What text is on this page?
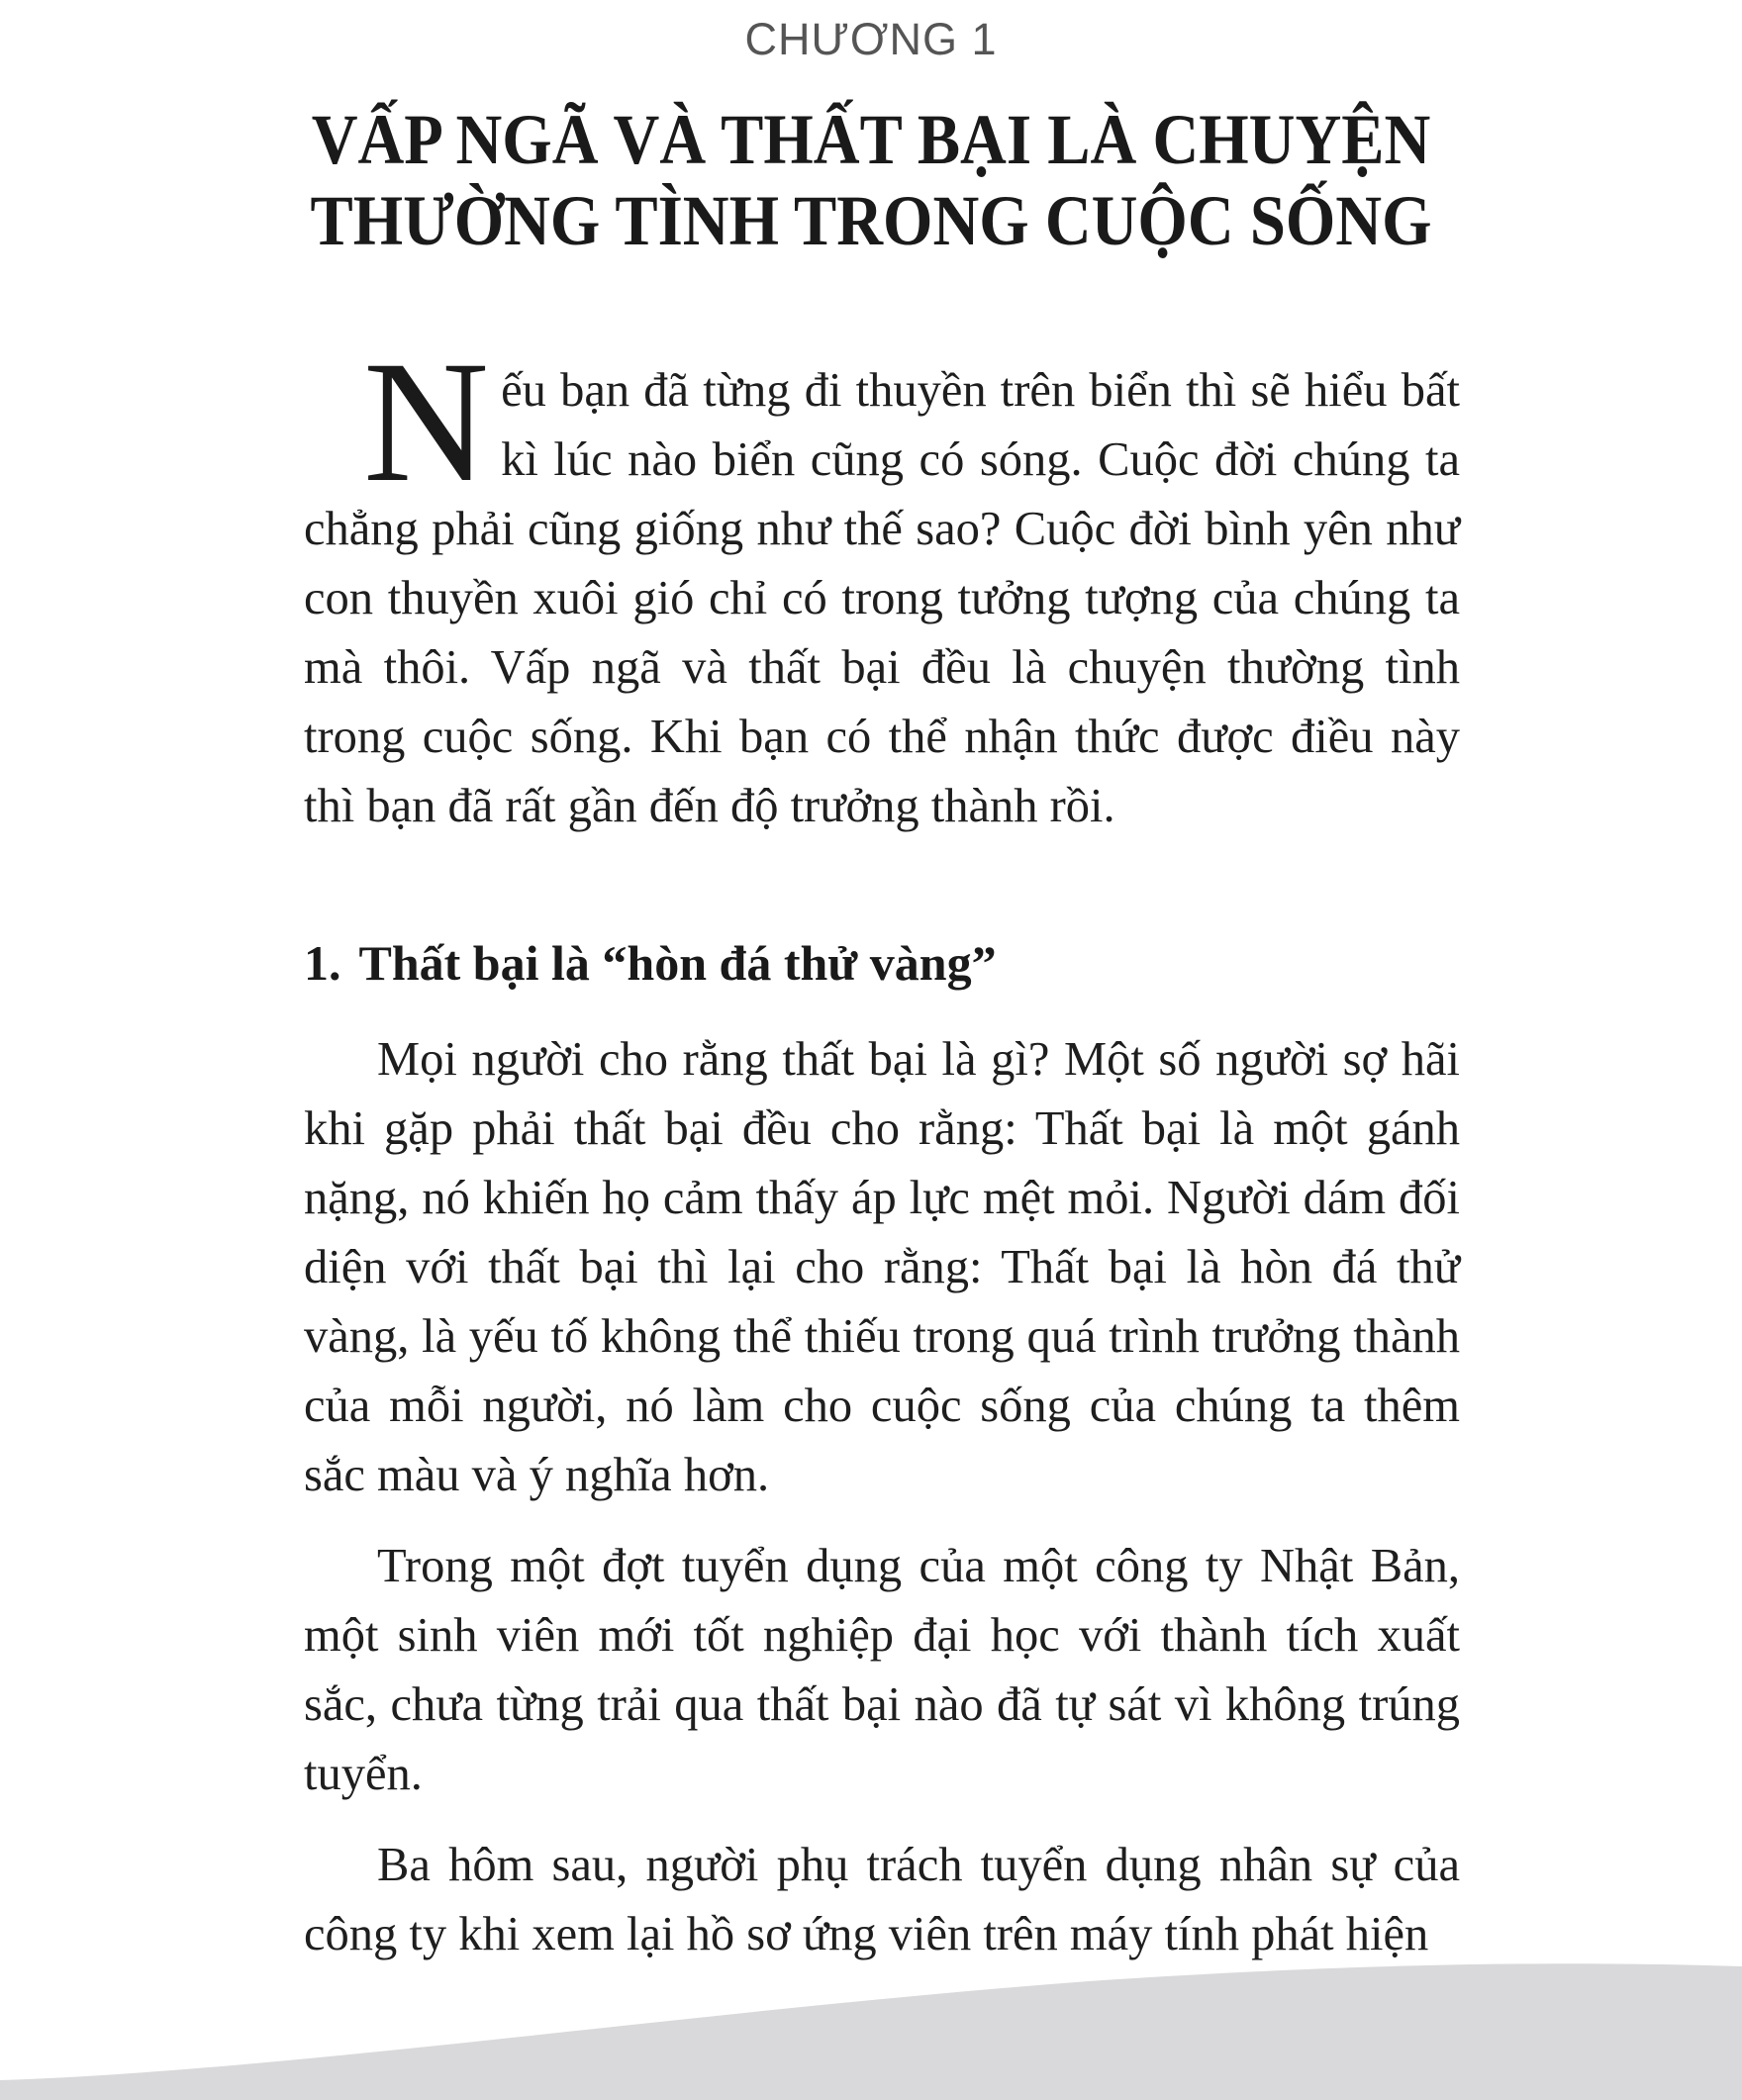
CHƯƠNG 1
VẤP NGÃ VÀ THẤT BẠI LÀ CHUYỆN
THƯỜNG TÌNH TRONG CUỘC SỐNG

Nếu bạn đã từng đi thuyền trên biển thì sẽ hiểu bất kì lúc nào biển cũng có sóng. Cuộc đời chúng ta chẳng phải cũng giống như thế sao? Cuộc đời bình yên như con thuyền xuôi gió chỉ có trong tưởng tượng của chúng ta mà thôi. Vấp ngã và thất bại đều là chuyện thường tình trong cuộc sống. Khi bạn có thể nhận thức được điều này thì bạn đã rất gần đến độ trưởng thành rồi.

1. Thất bại là “hòn đá thử vàng”

Mọi người cho rằng thất bại là gì? Một số người sợ hãi khi gặp phải thất bại đều cho rằng: Thất bại là một gánh nặng, nó khiến họ cảm thấy áp lực mệt mỏi. Người dám đối diện với thất bại thì lại cho rằng: Thất bại là hòn đá thử vàng, là yếu tố không thể thiếu trong quá trình trưởng thành của mỗi người, nó làm cho cuộc sống của chúng ta thêm sắc màu và ý nghĩa hơn.

Trong một đợt tuyển dụng của một công ty Nhật Bản, một sinh viên mới tốt nghiệp đại học với thành tích xuất sắc, chưa từng trải qua thất bại nào đã tự sát vì không trúng tuyển.

Ba hôm sau, người phụ trách tuyển dụng nhân sự của công ty khi xem lại hồ sơ ứng viên trên máy tính phát hiện
